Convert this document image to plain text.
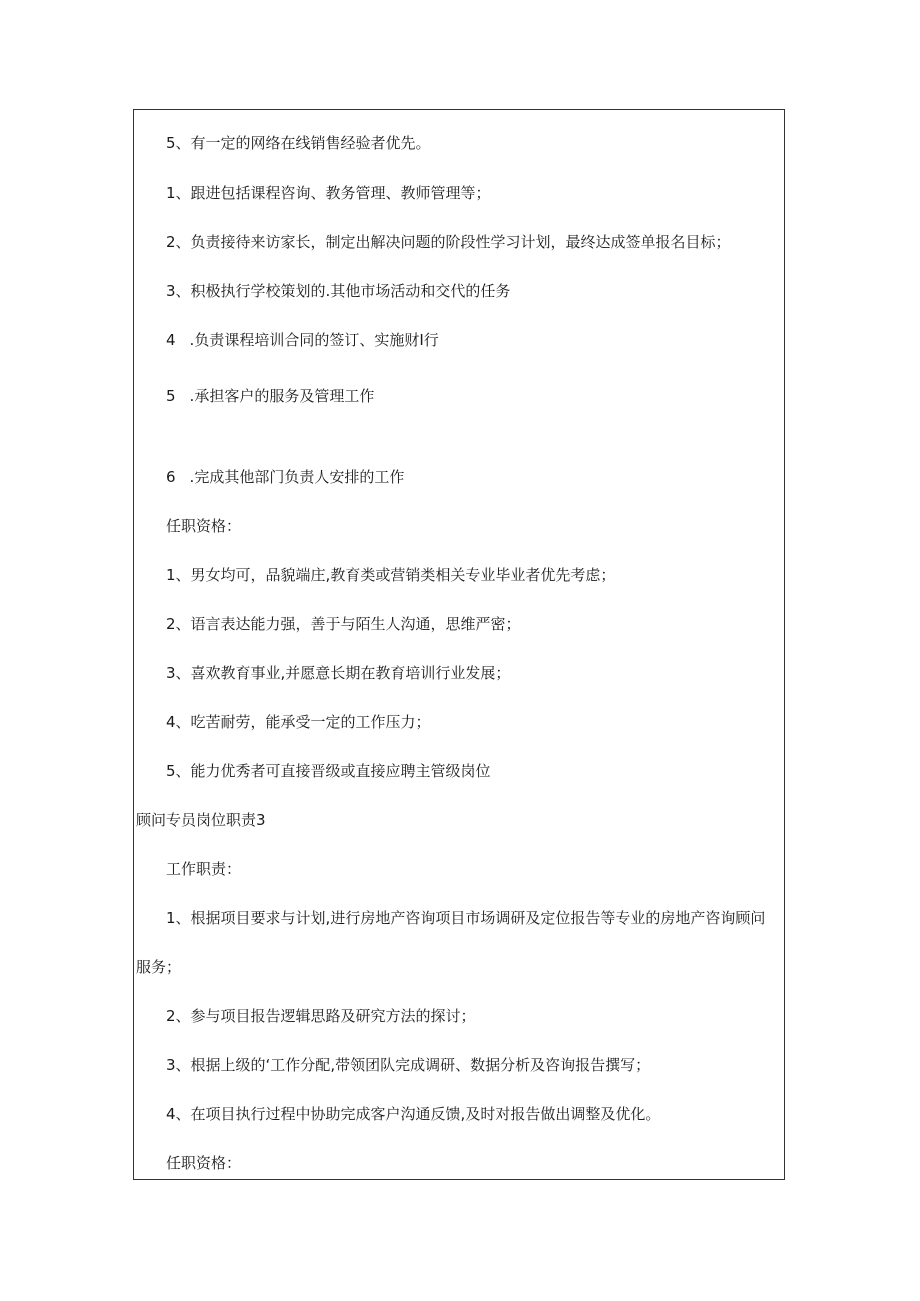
5、有一定的网络在线销售经验者优先。
1、跟进包括课程咨询、教务管理、教师管理等；
2、负责接待来访家长，制定出解决问题的阶段性学习计划，最终达成签单报名目标；
3、积极执行学校策划的.其他市场活动和交代的任务
4 .负责课程培训合同的签订、实施财I行
5 .承担客户的服务及管理工作
6 .完成其他部门负责人安排的工作
任职资格：
1、男女均可，品貌端庄,教育类或营销类相关专业毕业者优先考虑；
2、语言表达能力强，善于与陌生人沟通，思维严密；
3、喜欢教育事业,并愿意长期在教育培训行业发展；
4、吃苦耐劳，能承受一定的工作压力；
5、能力优秀者可直接晋级或直接应聘主管级岗位
顾问专员岗位职责3
工作职责：
1、根据项目要求与计划,进行房地产咨询项目市场调研及定位报告等专业的房地产咨询顾问
服务；
2、参与项目报告逻辑思路及研究方法的探讨；
3、根据上级的‘工作分配,带领团队完成调研、数据分析及咨询报告撰写；
4、在项目执行过程中协助完成客户沟通反馈,及时对报告做出调整及优化。
任职资格：
